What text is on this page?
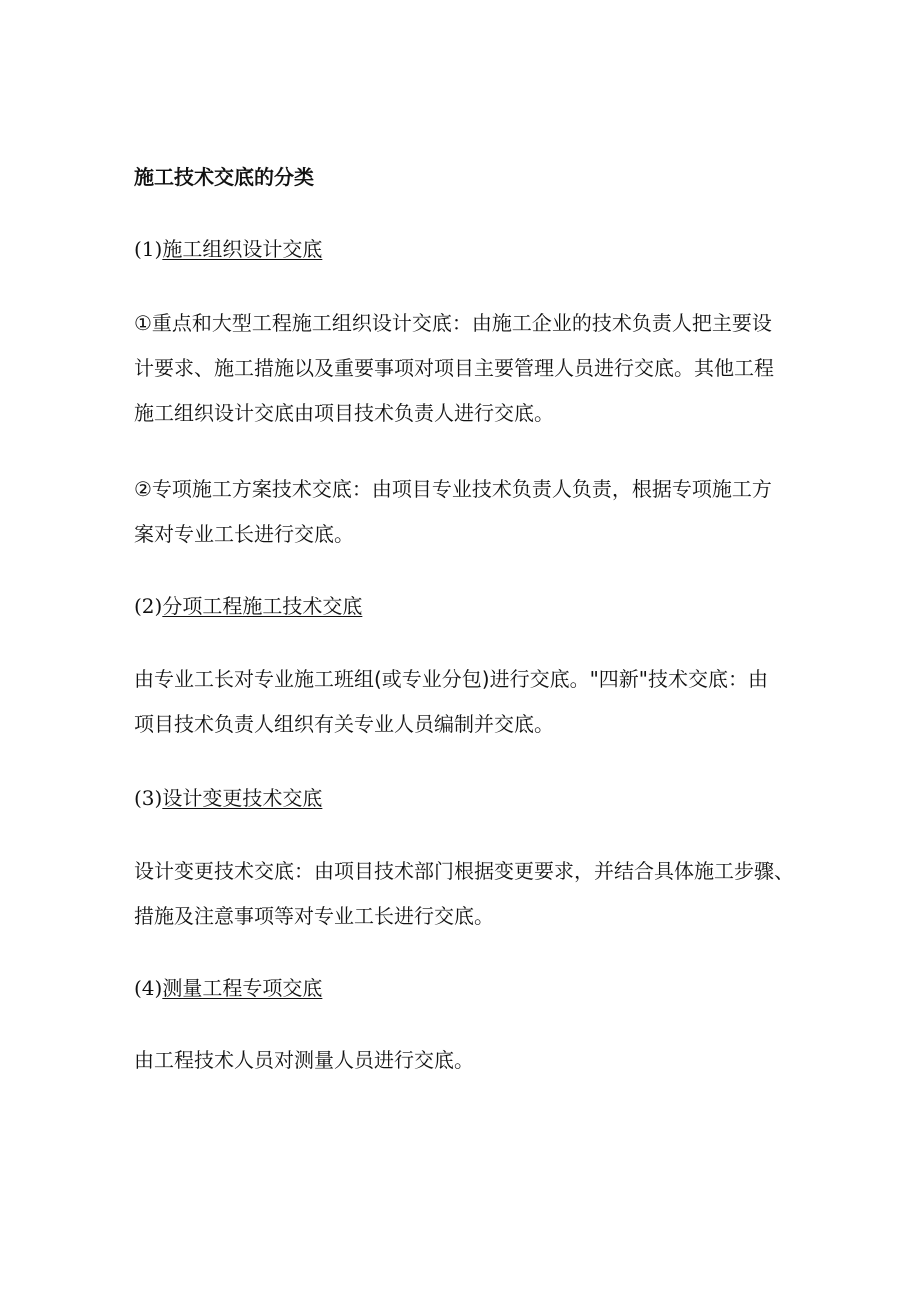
施工技术交底的分类
(1)施工组织设计交底
①重点和大型工程施工组织设计交底：由施工企业的技术负责人把主要设
计要求、施工措施以及重要事项对项目主要管理人员进行交底。其他工程
施工组织设计交底由项目技术负责人进行交底。
②专项施工方案技术交底：由项目专业技术负责人负责，根据专项施工方
案对专业工长进行交底。
(2)分项工程施工技术交底
由专业工长对专业施工班组(或专业分包)进行交底。"四新"技术交底：由
项目技术负责人组织有关专业人员编制并交底。
(3)设计变更技术交底
设计变更技术交底：由项目技术部门根据变更要求，并结合具体施工步骤、
措施及注意事项等对专业工长进行交底。
(4)测量工程专项交底
由工程技术人员对测量人员进行交底。
